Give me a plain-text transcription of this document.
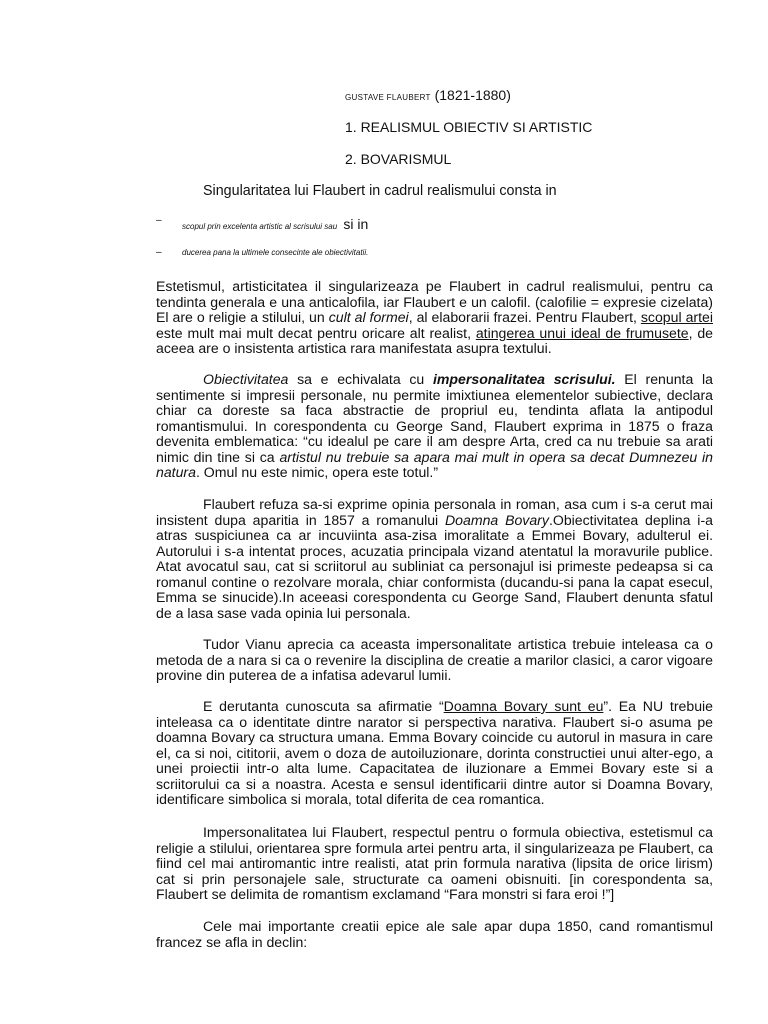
GUSTAVE FLAUBERT (1821-1880)
1. REALISMUL OBIECTIV SI ARTISTIC
2. BOVARISMUL
Singularitatea lui Flaubert in cadrul realismului consta in
–
scopul prin excelenta artistic al scrisului sau si in
–	ducerea pana la ultimele consecinte ale obiectivitatii.
Estetismul, artisticitatea il singularizeaza pe Flaubert in cadrul realismului, pentru ca tendinta generala e una anticalofila, iar Flaubert e un calofil. (calofilie = expresie cizelata) El are o religie a stilului, un cult al formei, al elaborarii frazei. Pentru Flaubert, scopul artei este mult mai mult decat pentru oricare alt realist, atingerea unui ideal de frumusete, de aceea are o insistenta artistica rara manifestata asupra textului.
Obiectivitatea sa e echivalata cu impersonalitatea scrisului. El renunta la sentimente si impresii personale, nu permite imixtiunea elementelor subiective, declara chiar ca doreste sa faca abstractie de propriul eu, tendinta aflata la antipodul romantismului. In corespondenta cu George Sand, Flaubert exprima in 1875 o fraza devenita emblematica: “cu idealul pe care il am despre Arta, cred ca nu trebuie sa arati nimic din tine si ca artistul nu trebuie sa apara mai mult in opera sa decat Dumnezeu in natura. Omul nu este nimic, opera este totul.”
Flaubert refuza sa-si exprime opinia personala in roman, asa cum i s-a cerut mai insistent dupa aparitia in 1857 a romanului Doamna Bovary.Obiectivitatea deplina i-a atras suspiciunea ca ar incuviinta asa-zisa imoralitate a Emmei Bovary, adulterul ei. Autorului i s-a intentat proces, acuzatia principala vizand atentatul la moravurile publice. Atat avocatul sau, cat si scriitorul au subliniat ca personajul isi primeste pedeapsa si ca romanul contine o rezolvare morala, chiar conformista (ducandu-si pana la capat esecul, Emma se sinucide).In aceeasi corespondenta cu George Sand, Flaubert denunta sfatul de a lasa sase vada opinia lui personala.
Tudor Vianu aprecia ca aceasta impersonalitate artistica trebuie inteleasa ca o metoda de a nara si ca o revenire la disciplina de creatie a marilor clasici, a caror vigoare provine din puterea de a infatisa adevarul lumii.
E derutanta cunoscuta sa afirmatie “Doamna Bovary sunt eu”. Ea NU trebuie inteleasa ca o identitate dintre narator si perspectiva narativa. Flaubert si-o asuma pe doamna Bovary ca structura umana. Emma Bovary coincide cu autorul in masura in care el, ca si noi, cititorii, avem o doza de autoiluzionare, dorinta constructiei unui alter-ego, a unei proiectii intr-o alta lume. Capacitatea de iluzionare a Emmei Bovary este si a scriitorului ca si a noastra. Acesta e sensul identificarii dintre autor si Doamna Bovary, identificare simbolica si morala, total diferita de cea romantica.
Impersonalitatea lui Flaubert, respectul pentru o formula obiectiva, estetismul ca religie a stilului, orientarea spre formula artei pentru arta, il singularizeaza pe Flaubert, ca fiind cel mai antiromantic intre realisti, atat prin formula narativa (lipsita de orice lirism) cat si prin personajele sale, structurate ca oameni obisnuiti. [in corespondenta sa, Flaubert se delimita de romantism exclamand “Fara monstri si fara eroi !”]
Cele mai importante creatii epice ale sale apar dupa 1850, cand romantismul francez se afla in declin:
